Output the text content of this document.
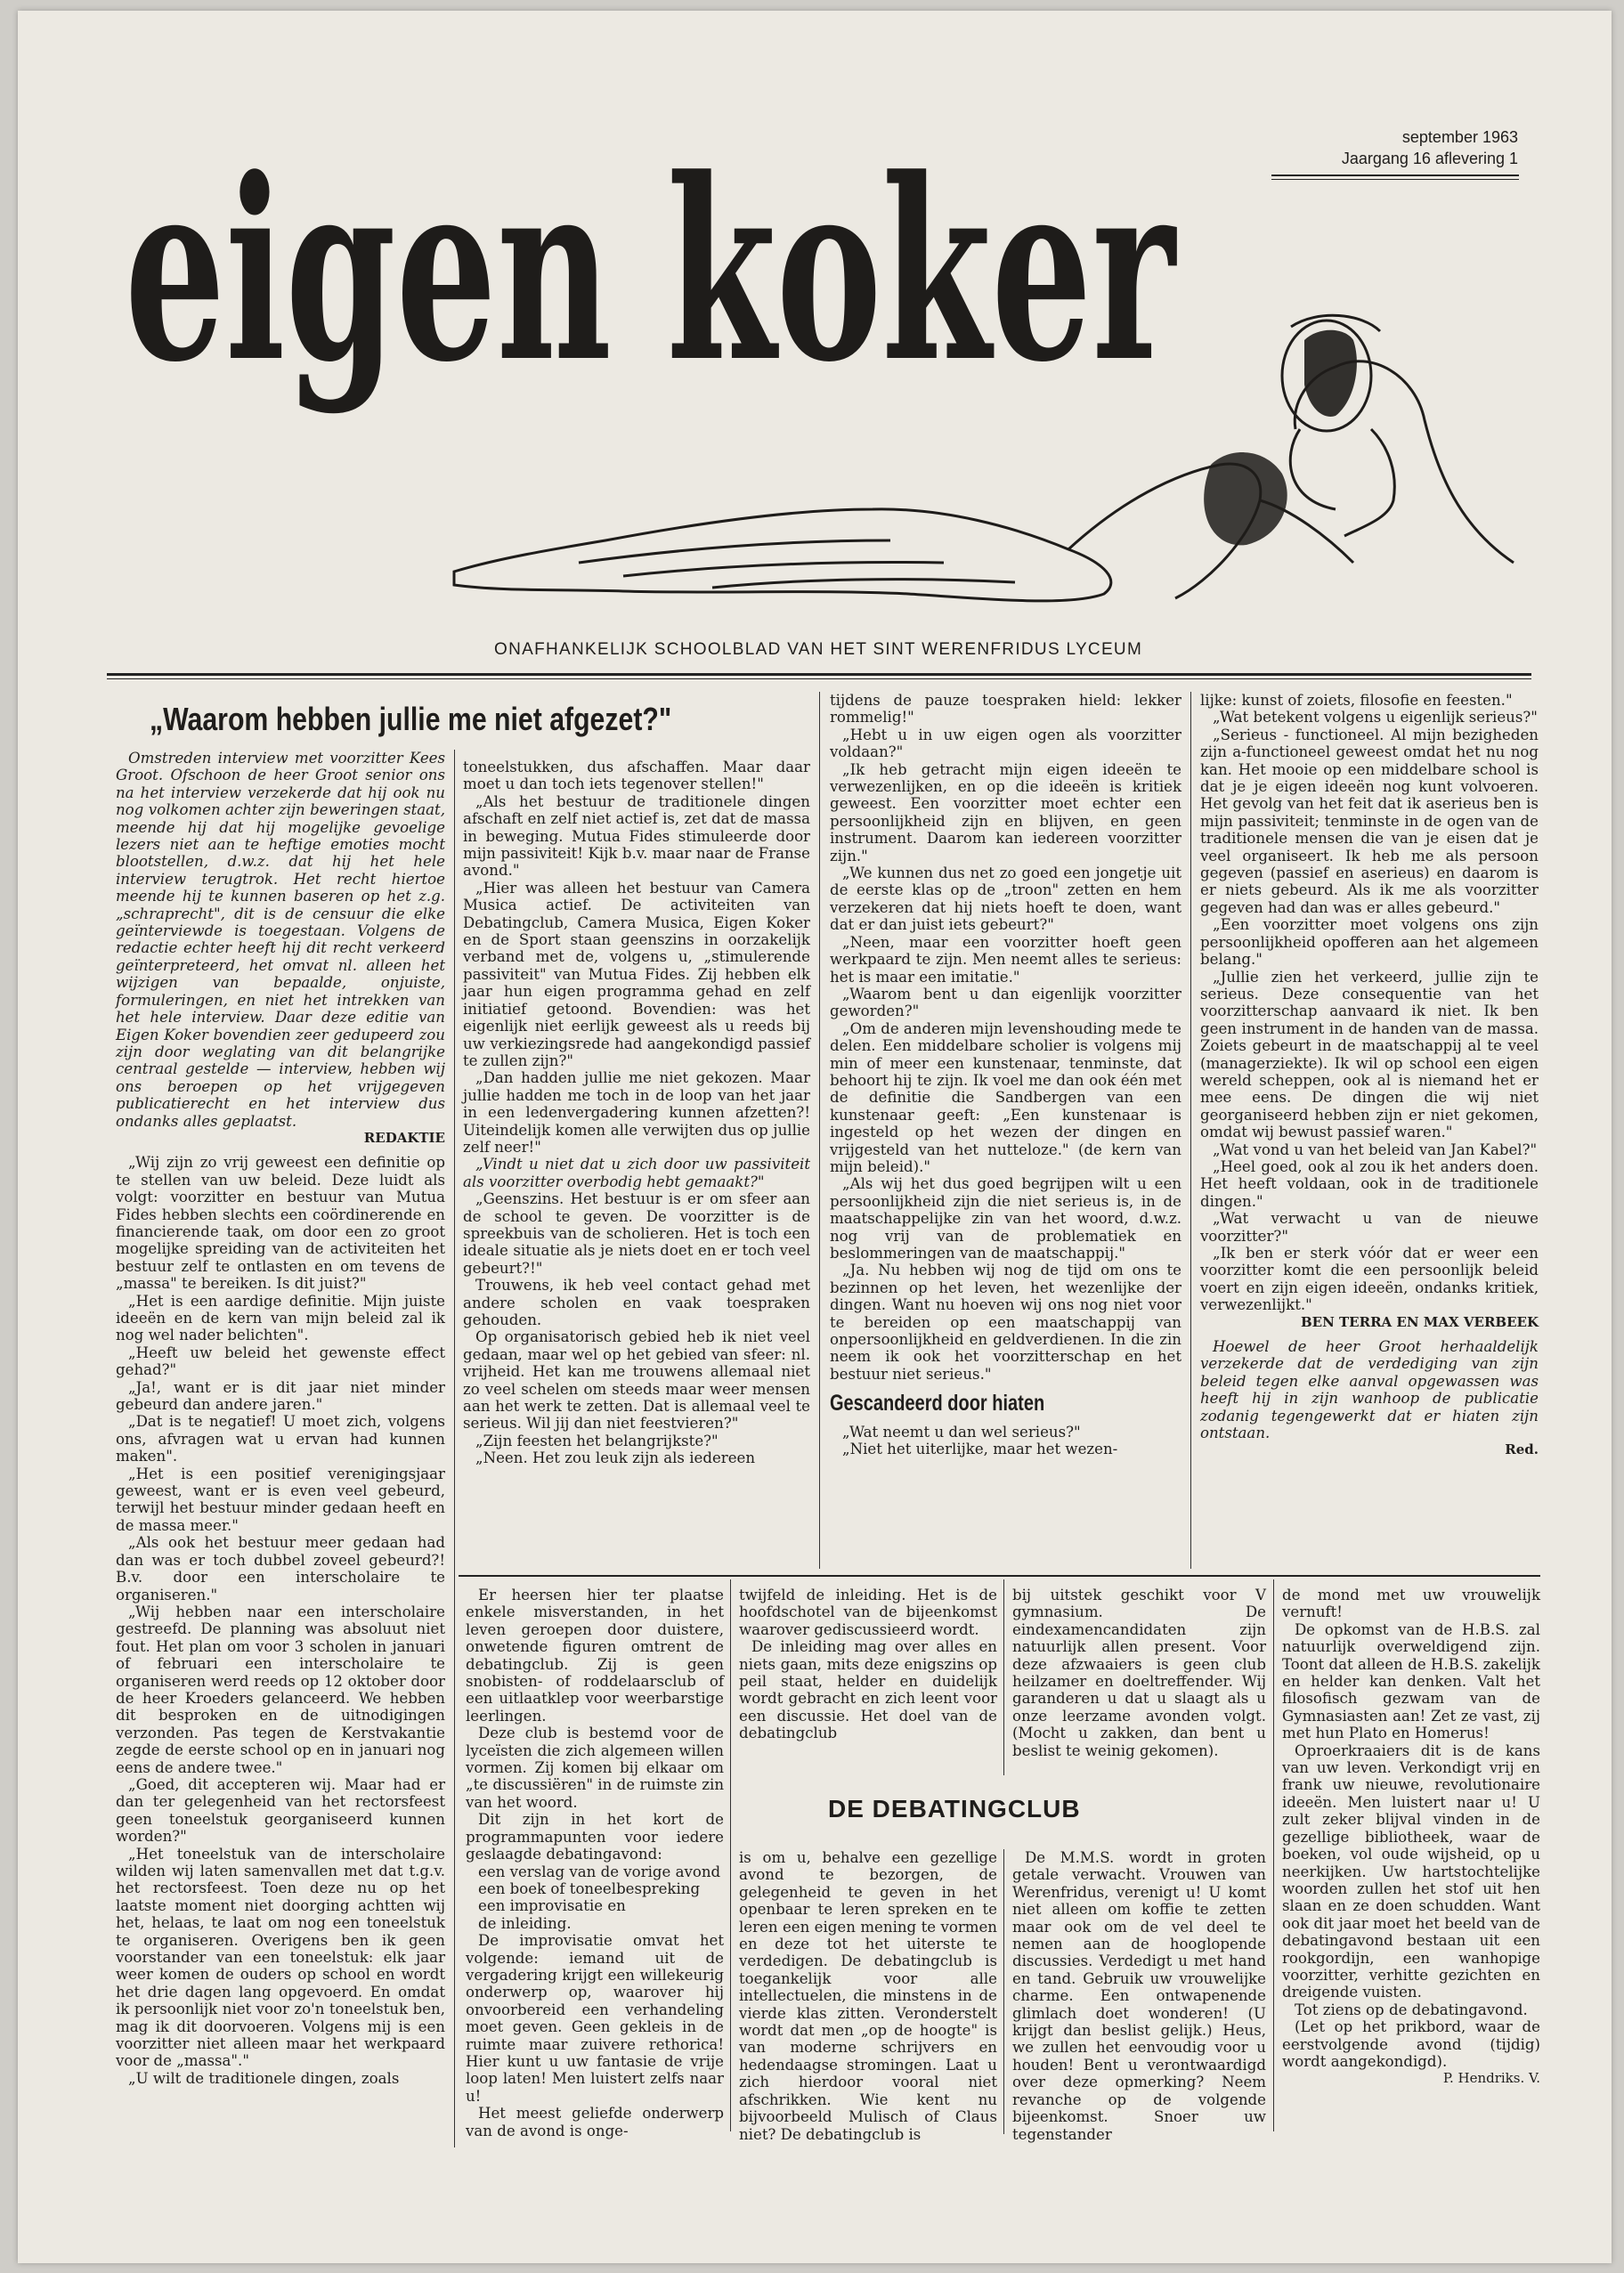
september 1963
Jaargang 16 aflevering 1
eigen koker
ONAFHANKELIJK SCHOOLBLAD VAN HET SINT WERENFRIDUS LYCEUM
„Waarom hebben jullie me niet afgezet?"

Omstreden interview met voorzitter Kees Groot. Ofschoon de heer Groot senior ons na het interview verzekerde dat hij ook nu nog volkomen achter zijn beweringen staat, meende hij dat hij mogelijke gevoelige lezers niet aan te heftige emoties mocht blootstellen, d.w.z. dat hij het hele interview terugtrok. Het recht hiertoe meende hij te kunnen baseren op het z.g. „schraprecht", dit is de censuur die elke geïnterviewde is toegestaan. Volgens de redactie echter heeft hij dit recht verkeerd geïnterpreteerd, het omvat nl. alleen het wijzigen van bepaalde, onjuiste, formuleringen, en niet het intrekken van het hele interview. Daar deze editie van Eigen Koker bovendien zeer gedupeerd zou zijn door weglating van dit belangrijke centraal gestelde — interview, hebben wij ons beroepen op het vrijgegeven publicatierecht en het interview dus ondanks alles geplaatst.

REDAKTIE

„Wij zijn zo vrij geweest een definitie op te stellen van uw beleid. Deze luidt als volgt: voorzitter en bestuur van Mutua Fides hebben slechts een coördinerende en financierende taak, om door een zo groot mogelijke spreiding van de activiteiten het bestuur zelf te ontlasten en om tevens de „massa" te bereiken. Is dit juist?"

„Het is een aardige definitie. Mijn juiste ideeën en de kern van mijn beleid zal ik nog wel nader belichten".

„Heeft uw beleid het gewenste effect gehad?"

„Ja!, want er is dit jaar niet minder gebeurd dan andere jaren."

„Dat is te negatief! U moet zich, volgens ons, afvragen wat u ervan had kunnen maken".

„Het is een positief verenigingsjaar geweest, want er is even veel gebeurd, terwijl het bestuur minder gedaan heeft en de massa meer."

„Als ook het bestuur meer gedaan had dan was er toch dubbel zoveel gebeurd?! B.v. door een interscholaire te organiseren."

„Wij hebben naar een interscholaire gestreefd. De planning was absoluut niet fout. Het plan om voor 3 scholen in januari of februari een interscholaire te organiseren werd reeds op 12 oktober door de heer Kroeders gelanceerd. We hebben dit besproken en de uitnodigingen verzonden. Pas tegen de Kerstvakantie zegde de eerste school op en in januari nog eens de andere twee."

„Goed, dit accepteren wij. Maar had er dan ter gelegenheid van het rectorsfeest geen toneelstuk georganiseerd kunnen worden?"

„Het toneelstuk van de interscholaire wilden wij laten samenvallen met dat t.g.v. het rectorsfeest. Toen deze nu op het laatste moment niet doorging achtten wij het, helaas, te laat om nog een toneelstuk te organiseren. Overigens ben ik geen voorstander van een toneelstuk: elk jaar weer komen de ouders op school en wordt het drie dagen lang opgevoerd. En omdat ik persoonlijk niet voor zo'n toneelstuk ben, mag ik dit doorvoeren. Volgens mij is een voorzitter niet alleen maar het werkpaard voor de „massa"."

„U wilt de traditionele dingen, zoals

toneelstukken, dus afschaffen. Maar daar moet u dan toch iets tegenover stellen!"

„Als het bestuur de traditionele dingen afschaft en zelf niet actief is, zet dat de massa in beweging. Mutua Fides stimuleerde door mijn passiviteit! Kijk b.v. maar naar de Franse avond."

„Hier was alleen het bestuur van Camera Musica actief. De activiteiten van Debatingclub, Camera Musica, Eigen Koker en de Sport staan geenszins in oorzakelijk verband met de, volgens u, „stimulerende passiviteit" van Mutua Fides. Zij hebben elk jaar hun eigen programma gehad en zelf initiatief getoond. Bovendien: was het eigenlijk niet eerlijk geweest als u reeds bij uw verkiezingsrede had aangekondigd passief te zullen zijn?"

„Dan hadden jullie me niet gekozen. Maar jullie hadden me toch in de loop van het jaar in een ledenvergadering kunnen afzetten?! Uiteindelijk komen alle verwijten dus op jullie zelf neer!"

„Vindt u niet dat u zich door uw passiviteit als voorzitter overbodig hebt gemaakt?"

„Geenszins. Het bestuur is er om sfeer aan de school te geven. De voorzitter is de spreekbuis van de scholieren. Het is toch een ideale situatie als je niets doet en er toch veel gebeurt?!"

Trouwens, ik heb veel contact gehad met andere scholen en vaak toespraken gehouden.

Op organisatorisch gebied heb ik niet veel gedaan, maar wel op het gebied van sfeer: nl. vrijheid. Het kan me trouwens allemaal niet zo veel schelen om steeds maar weer mensen aan het werk te zetten. Dat is allemaal veel te serieus. Wil jij dan niet feestvieren?"

„Zijn feesten het belangrijkste?"

„Neen. Het zou leuk zijn als iedereen

tijdens de pauze toespraken hield: lekker rommelig!"

„Hebt u in uw eigen ogen als voorzitter voldaan?"

„Ik heb getracht mijn eigen ideeën te verwezenlijken, en op die ideeën is kritiek geweest. Een voorzitter moet echter een persoonlijkheid zijn en blijven, en geen instrument. Daarom kan iedereen voorzitter zijn."

„We kunnen dus net zo goed een jongetje uit de eerste klas op de „troon" zetten en hem verzekeren dat hij niets hoeft te doen, want dat er dan juist iets gebeurt?"

„Neen, maar een voorzitter hoeft geen werkpaard te zijn. Men neemt alles te serieus: het is maar een imitatie."

„Waarom bent u dan eigenlijk voorzitter geworden?"

„Om de anderen mijn levenshouding mede te delen. Een middelbare scholier is volgens mij min of meer een kunstenaar, tenminste, dat behoort hij te zijn. Ik voel me dan ook één met de definitie die Sandbergen van een kunstenaar geeft: „Een kunstenaar is ingesteld op het wezen der dingen en vrijgesteld van het nutteloze." (de kern van mijn beleid)."

„Als wij het dus goed begrijpen wilt u een persoonlijkheid zijn die niet serieus is, in de maatschappelijke zin van het woord, d.w.z. nog vrij van de problematiek en beslommeringen van de maatschappij."

„Ja. Nu hebben wij nog de tijd om ons te bezinnen op het leven, het wezenlijke der dingen. Want nu hoeven wij ons nog niet voor te bereiden op een maatschappij van onpersoonlijkheid en geldverdienen. In die zin neem ik ook het voorzitterschap en het bestuur niet serieus."

Gescandeerd door hiaten

„Wat neemt u dan wel serieus?"

„Niet het uiterlijke, maar het wezen-

lijke: kunst of zoiets, filosofie en feesten."

„Wat betekent volgens u eigenlijk serieus?"

„Serieus - functioneel. Al mijn bezigheden zijn a-functioneel geweest omdat het nu nog kan. Het mooie op een middelbare school is dat je je eigen ideeën nog kunt volvoeren. Het gevolg van het feit dat ik aserieus ben is mijn passiviteit; tenminste in de ogen van de traditionele mensen die van je eisen dat je veel organiseert. Ik heb me als persoon gegeven (passief en aserieus) en daarom is er niets gebeurd. Als ik me als voorzitter gegeven had dan was er alles gebeurd."

„Een voorzitter moet volgens ons zijn persoonlijkheid opofferen aan het algemeen belang."

„Jullie zien het verkeerd, jullie zijn te serieus. Deze consequentie van het voorzitterschap aanvaard ik niet. Ik ben geen instrument in de handen van de massa. Zoiets gebeurt in de maatschappij al te veel (managerziekte). Ik wil op school een eigen wereld scheppen, ook al is niemand het er mee eens. De dingen die wij niet georganiseerd hebben zijn er niet gekomen, omdat wij bewust passief waren."

„Wat vond u van het beleid van Jan Kabel?"

„Heel goed, ook al zou ik het anders doen. Het heeft voldaan, ook in de traditionele dingen."

„Wat verwacht u van de nieuwe voorzitter?"

„Ik ben er sterk vóór dat er weer een voorzitter komt die een persoonlijk beleid voert en zijn eigen ideeën, ondanks kritiek, verwezenlijkt."

BEN TERRA EN MAX VERBEEK

Hoewel de heer Groot herhaaldelijk verzekerde dat de verdediging van zijn beleid tegen elke aanval opgewassen was heeft hij in zijn wanhoop de publicatie zodanig tegengewerkt dat er hiaten zijn ontstaan.

Red.

Er heersen hier ter plaatse enkele misverstanden, in het leven geroepen door duistere, onwetende figuren omtrent de debatingclub. Zij is geen snobisten- of roddelaarsclub of een uitlaatklep voor weerbarstige leerlingen.

Deze club is bestemd voor de lyceïsten die zich algemeen willen vormen. Zij komen bij elkaar om „te discussiëren" in de ruimste zin van het woord.

Dit zijn in het kort de programmapunten voor iedere geslaagde debatingavond:

een verslag van de vorige avond

een boek of toneelbespreking

een improvisatie en

de inleiding.

De improvisatie omvat het volgende: iemand uit de vergadering krijgt een willekeurig onderwerp op, waarover hij onvoorbereid een verhandeling moet geven. Geen gekleis in de ruimte maar zuivere rethorica! Hier kunt u uw fantasie de vrije loop laten! Men luistert zelfs naar u!

Het meest geliefde onderwerp van de avond is onge-

twijfeld de inleiding. Het is de hoofdschotel van de bijeenkomst waarover gediscussieerd wordt.

De inleiding mag over alles en niets gaan, mits deze enigszins op peil staat, helder en duidelijk wordt gebracht en zich leent voor een discussie. Het doel van de debatingclub

bij uitstek geschikt voor V gymnasium. De eindexamencandidaten zijn natuurlijk allen present. Voor deze afzwaaiers is geen club heilzamer en doeltreffender. Wij garanderen u dat u slaagt als u onze leerzame avonden volgt. (Mocht u zakken, dan bent u beslist te weinig gekomen).

DE DEBATINGCLUB

is om u, behalve een gezellige avond te bezorgen, de gelegenheid te geven in het openbaar te leren spreken en te leren een eigen mening te vormen en deze tot het uiterste te verdedigen. De debatingclub is toegankelijk voor alle intellectuelen, die minstens in de vierde klas zitten. Veronderstelt wordt dat men „op de hoogte" is van moderne schrijvers en hedendaagse stromingen. Laat u zich hierdoor vooral niet afschrikken. Wie kent nu bijvoorbeeld Mulisch of Claus niet? De debatingclub is

De M.M.S. wordt in groten getale verwacht. Vrouwen van Werenfridus, verenigt u! U komt niet alleen om koffie te zetten maar ook om de vel deel te nemen aan de hooglopende discussies. Verdedigt u met hand en tand. Gebruik uw vrouwelijke charme. Een ontwapenende glimlach doet wonderen! (U krijgt dan beslist gelijk.) Heus, we zullen het eenvoudig voor u houden! Bent u verontwaardigd over deze opmerking? Neem revanche op de volgende bijeenkomst. Snoer uw tegenstander

de mond met uw vrouwelijk vernuft!

De opkomst van de H.B.S. zal natuurlijk overweldigend zijn. Toont dat alleen de H.B.S. zakelijk en helder kan denken. Valt het filosofisch gezwam van de Gymnasiasten aan! Zet ze vast, zij met hun Plato en Homerus!

Oproerkraaiers dit is de kans van uw leven. Verkondigt vrij en frank uw nieuwe, revolutionaire ideeën. Men luistert naar u! U zult zeker blijval vinden in de gezellige bibliotheek, waar de boeken, vol oude wijsheid, op u neerkijken. Uw hartstochtelijke woorden zullen het stof uit hen slaan en ze doen schudden. Want ook dit jaar moet het beeld van de debatingavond bestaan uit een rookgordijn, een wanhopige voorzitter, verhitte gezichten en dreigende vuisten.

Tot ziens op de debatingavond.

(Let op het prikbord, waar de eerstvolgende avond (tijdig) wordt aangekondigd).

P. Hendriks. V.
